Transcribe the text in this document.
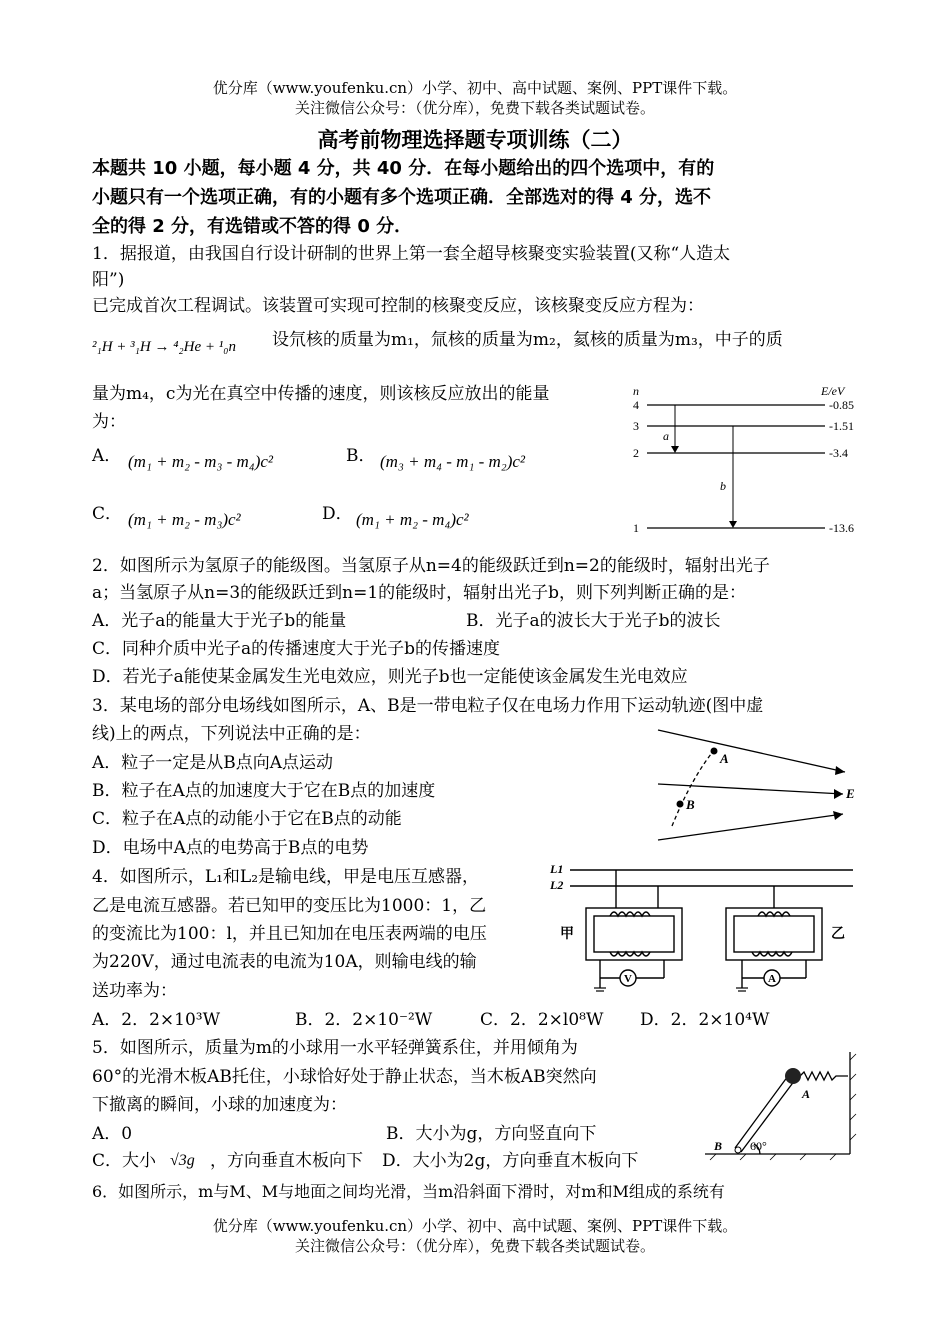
优分库（www.youfenku.cn）小学、初中、高中试题、案例、PPT课件下载。
关注微信公众号：（优分库），免费下载各类试题试卷。
高考前物理选择题专项训练（二）
本题共 10 小题，每小题 4 分，共 40 分．在每小题给出的四个选项中，有的
小题只有一个选项正确，有的小题有多个选项正确．全部选对的得 4 分，选不
全的得 2 分，有选错或不答的得 0 分．
1．据报道，由我国自行设计研制的世界上第一套全超导核聚变实验装置(又称“人造太
阳”)
已完成首次工程调试。该装置可实现可控制的核聚变反应，该核聚变反应方程为：
²₁H + ³₁H → ⁴₂He + ¹₀n 设氘核的质量为m₁，氚核的质量为m₂，氦核的质量为m₃，中子的质
量为m₄，c为光在真空中传播的速度，则该核反应放出的能量
为：
A． (m₁ + m₂ - m₃ - m₄)c²	B． (m₃ + m₄ - m₁ - m₂)c²
C． (m₁ + m₂ - m₃)c²	D． (m₁ + m₂ - m₄)c²
n	E/eV
4
3
2
1
-0.85
-1.51
-3.4
-13.6
a
b
2．如图所示为氢原子的能级图。当氢原子从n=4的能级跃迁到n=2的能级时，辐射出光子
a；当氢原子从n=3的能级跃迁到n=1的能级时，辐射出光子b，则下列判断正确的是：
A．光子a的能量大于光子b的能量	B．光子a的波长大于光子b的波长
C．同种介质中光子a的传播速度大于光子b的传播速度
D．若光子a能使某金属发生光电效应，则光子b也一定能使该金属发生光电效应
3．某电场的部分电场线如图所示，A、B是一带电粒子仅在电场力作用下运动轨迹(图中虚
线)上的两点，下列说法中正确的是：
A．粒子一定是从B点向A点运动
B．粒子在A点的加速度大于它在B点的加速度
C．粒子在A点的动能小于它在B点的动能
D．电场中A点的电势高于B点的电势
A
B
E
4．如图所示，L₁和L₂是输电线，甲是电压互感器，
乙是电流互感器。若已知甲的变压比为1000：1，乙
的变流比为100：l，并且已知加在电压表两端的电压
为220V，通过电流表的电流为10A，则输电线的输
送功率为：
A．2．2×10³W	B．2．2×10⁻²W	C．2．2×l0⁸W D．2．2×10⁴W
L1
L2
V	A
甲	乙
5．如图所示，质量为m的小球用一水平轻弹簧系住，并用倾角为
60°的光滑木板AB托住，小球恰好处于静止状态，当木板AB突然向
下撤离的瞬间，小球的加速度为：
A．0	B．大小为g，方向竖直向下
C．大小 √3g ，方向垂直木板向下 D．大小为2g，方向垂直木板向下
A
B 60°
6．如图所示，m与M、M与地面之间均光滑，当m沿斜面下滑时，对m和M组成的系统有
优分库（www.youfenku.cn）小学、初中、高中试题、案例、PPT课件下载。
关注微信公众号：（优分库），免费下载各类试题试卷。
